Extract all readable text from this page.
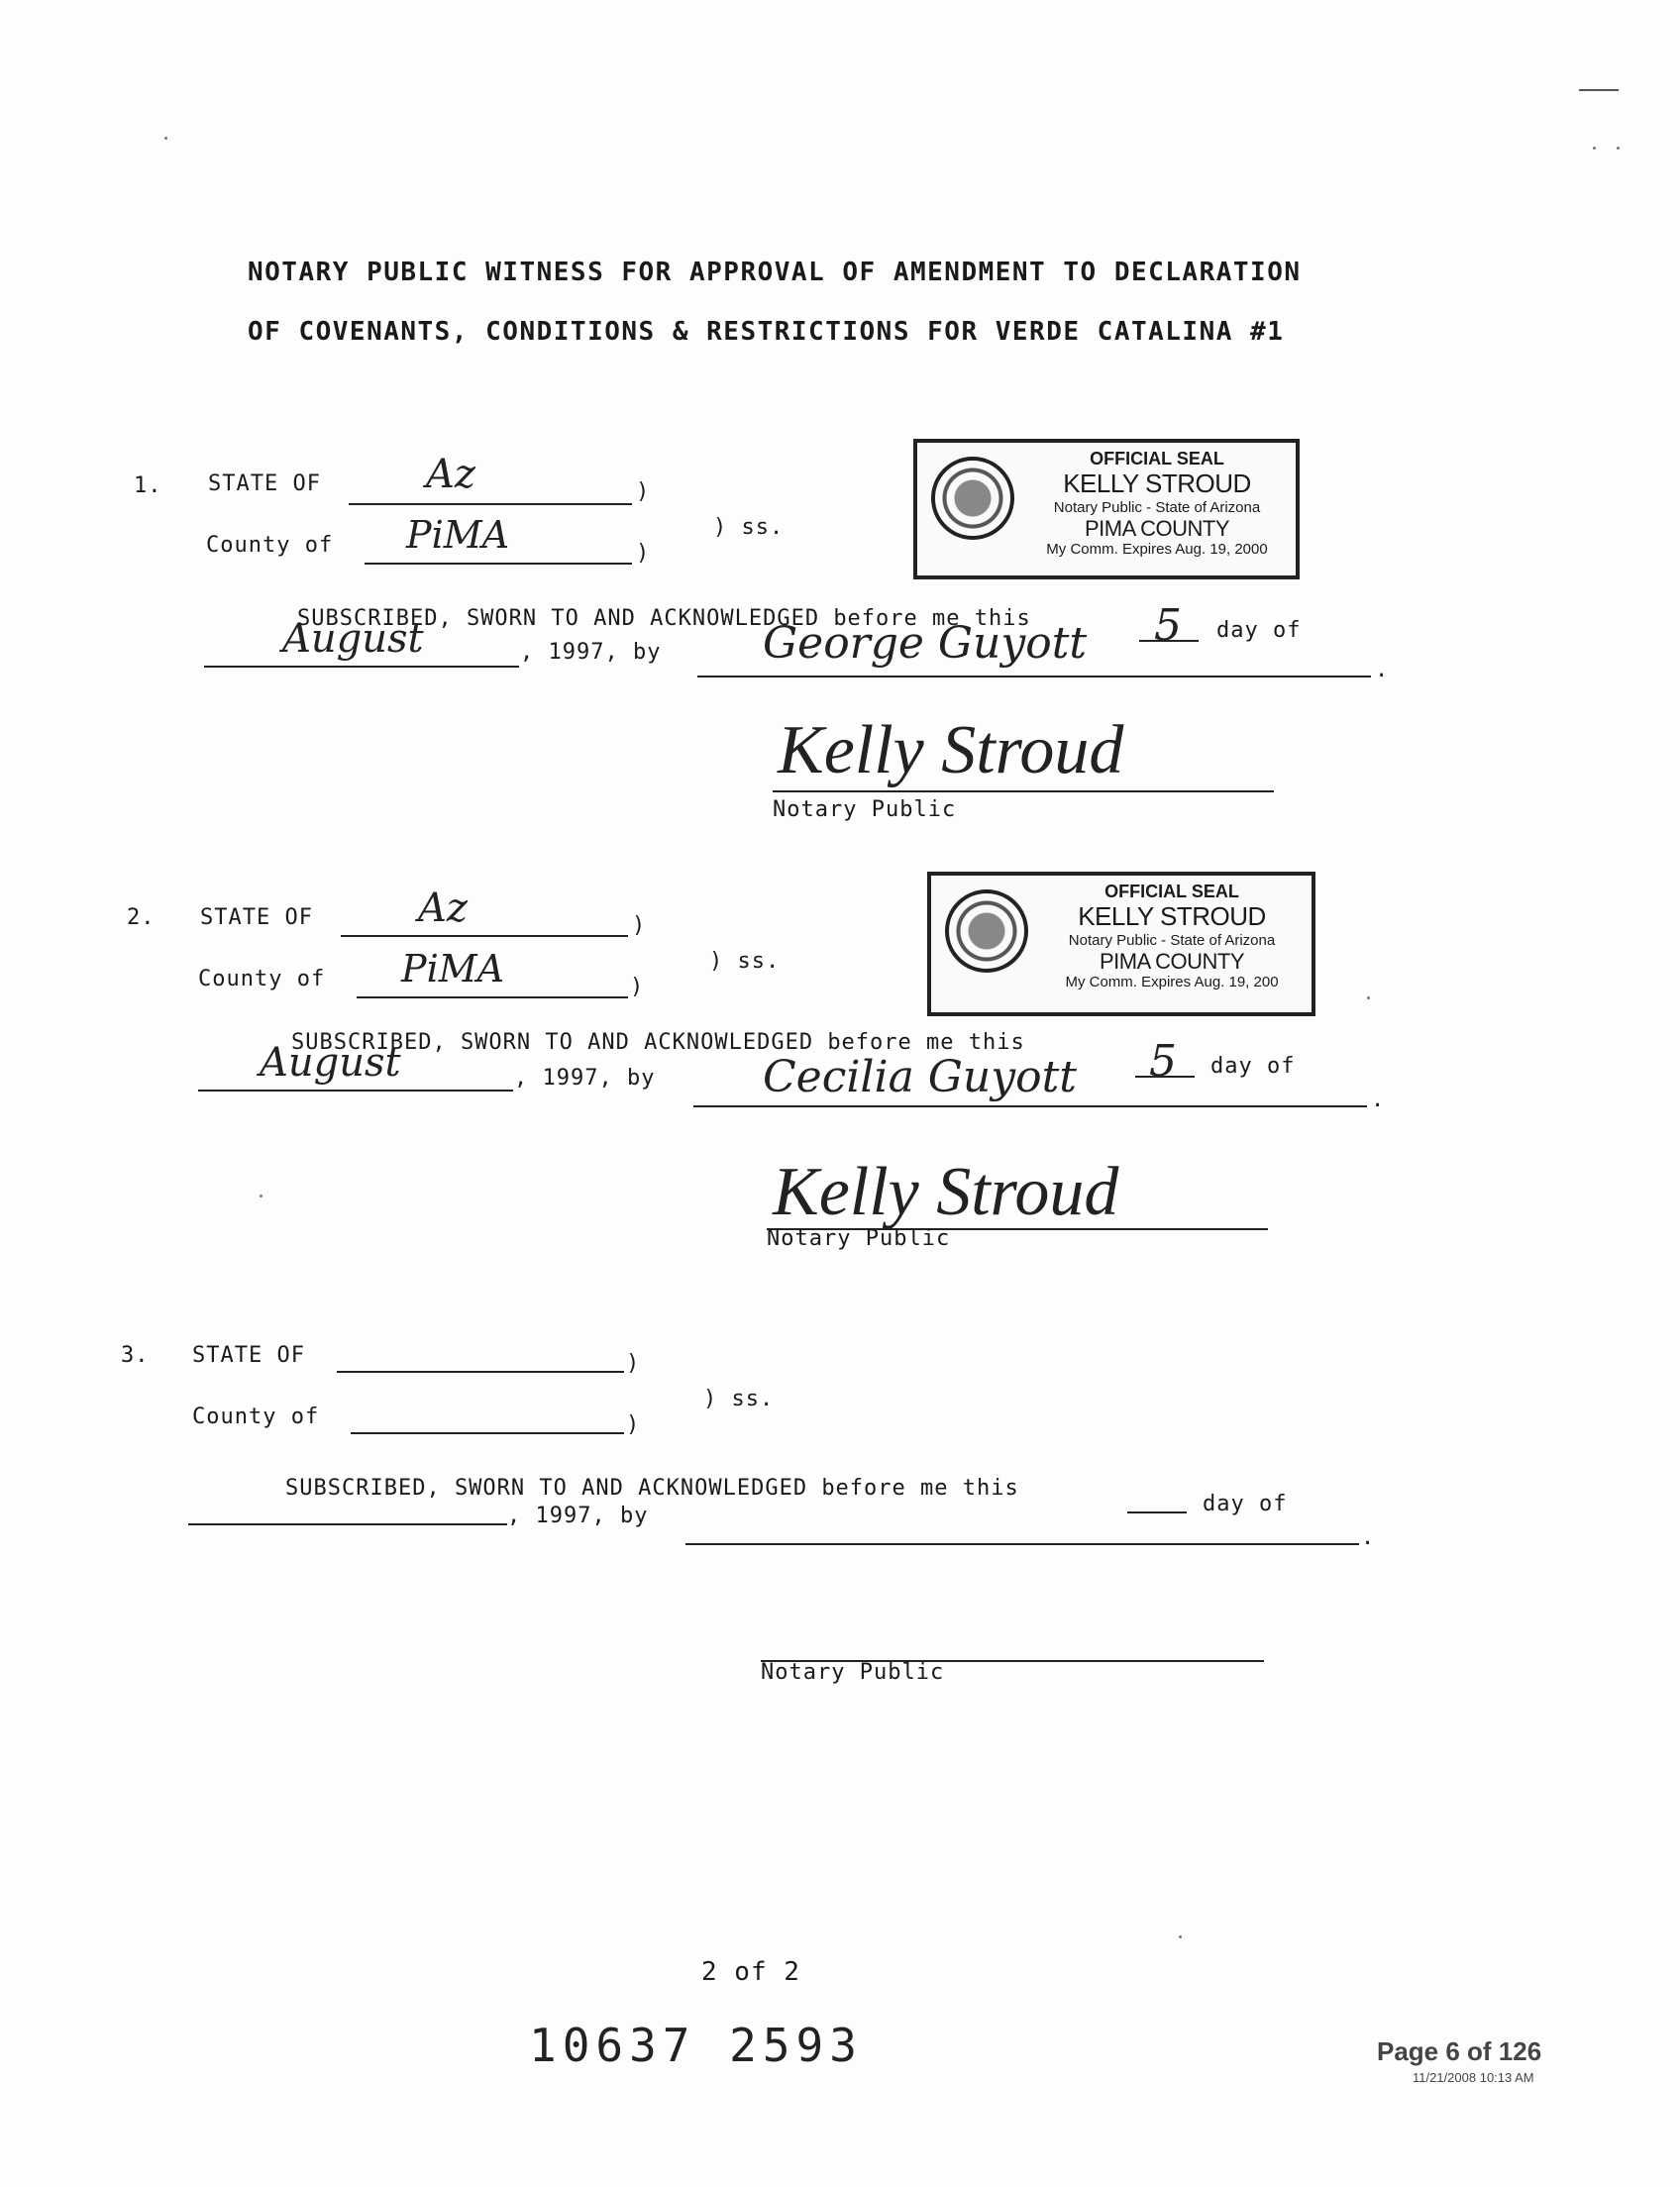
NOTARY PUBLIC WITNESS FOR APPROVAL OF AMENDMENT TO DECLARATION
OF COVENANTS, CONDITIONS & RESTRICTIONS FOR VERDE CATALINA #1
1. STATE OF	Az	)
County of PiMA	)
) ss.
OFFICIAL SEAL
KELLY STROUD
Notary Public - State of Arizona
PIMA COUNTY
My Comm. Expires Aug. 19, 2000
SUBSCRIBED, SWORN TO AND ACKNOWLEDGED before me this	5 day of
August	, 1997, by George Guyott
.
Kelly Stroud
Notary Public
2. STATE OF	Az	)
County of PiMA	)
) ss.
OFFICIAL SEAL
KELLY STROUD
Notary Public - State of Arizona
PIMA COUNTY
My Comm. Expires Aug. 19, 200
SUBSCRIBED, SWORN TO AND ACKNOWLEDGED before me this	5 day of
August	, 1997, by Cecilia Guyott	.
Kelly Stroud
Notary Public
3. STATE OF	)
County of	)
) ss.
SUBSCRIBED, SWORN TO AND ACKNOWLEDGED before me this
day of
, 1997, by
.
Notary Public
2 of 2
10637 2593	Page 6 of 126
11/21/2008 10:13 AM
